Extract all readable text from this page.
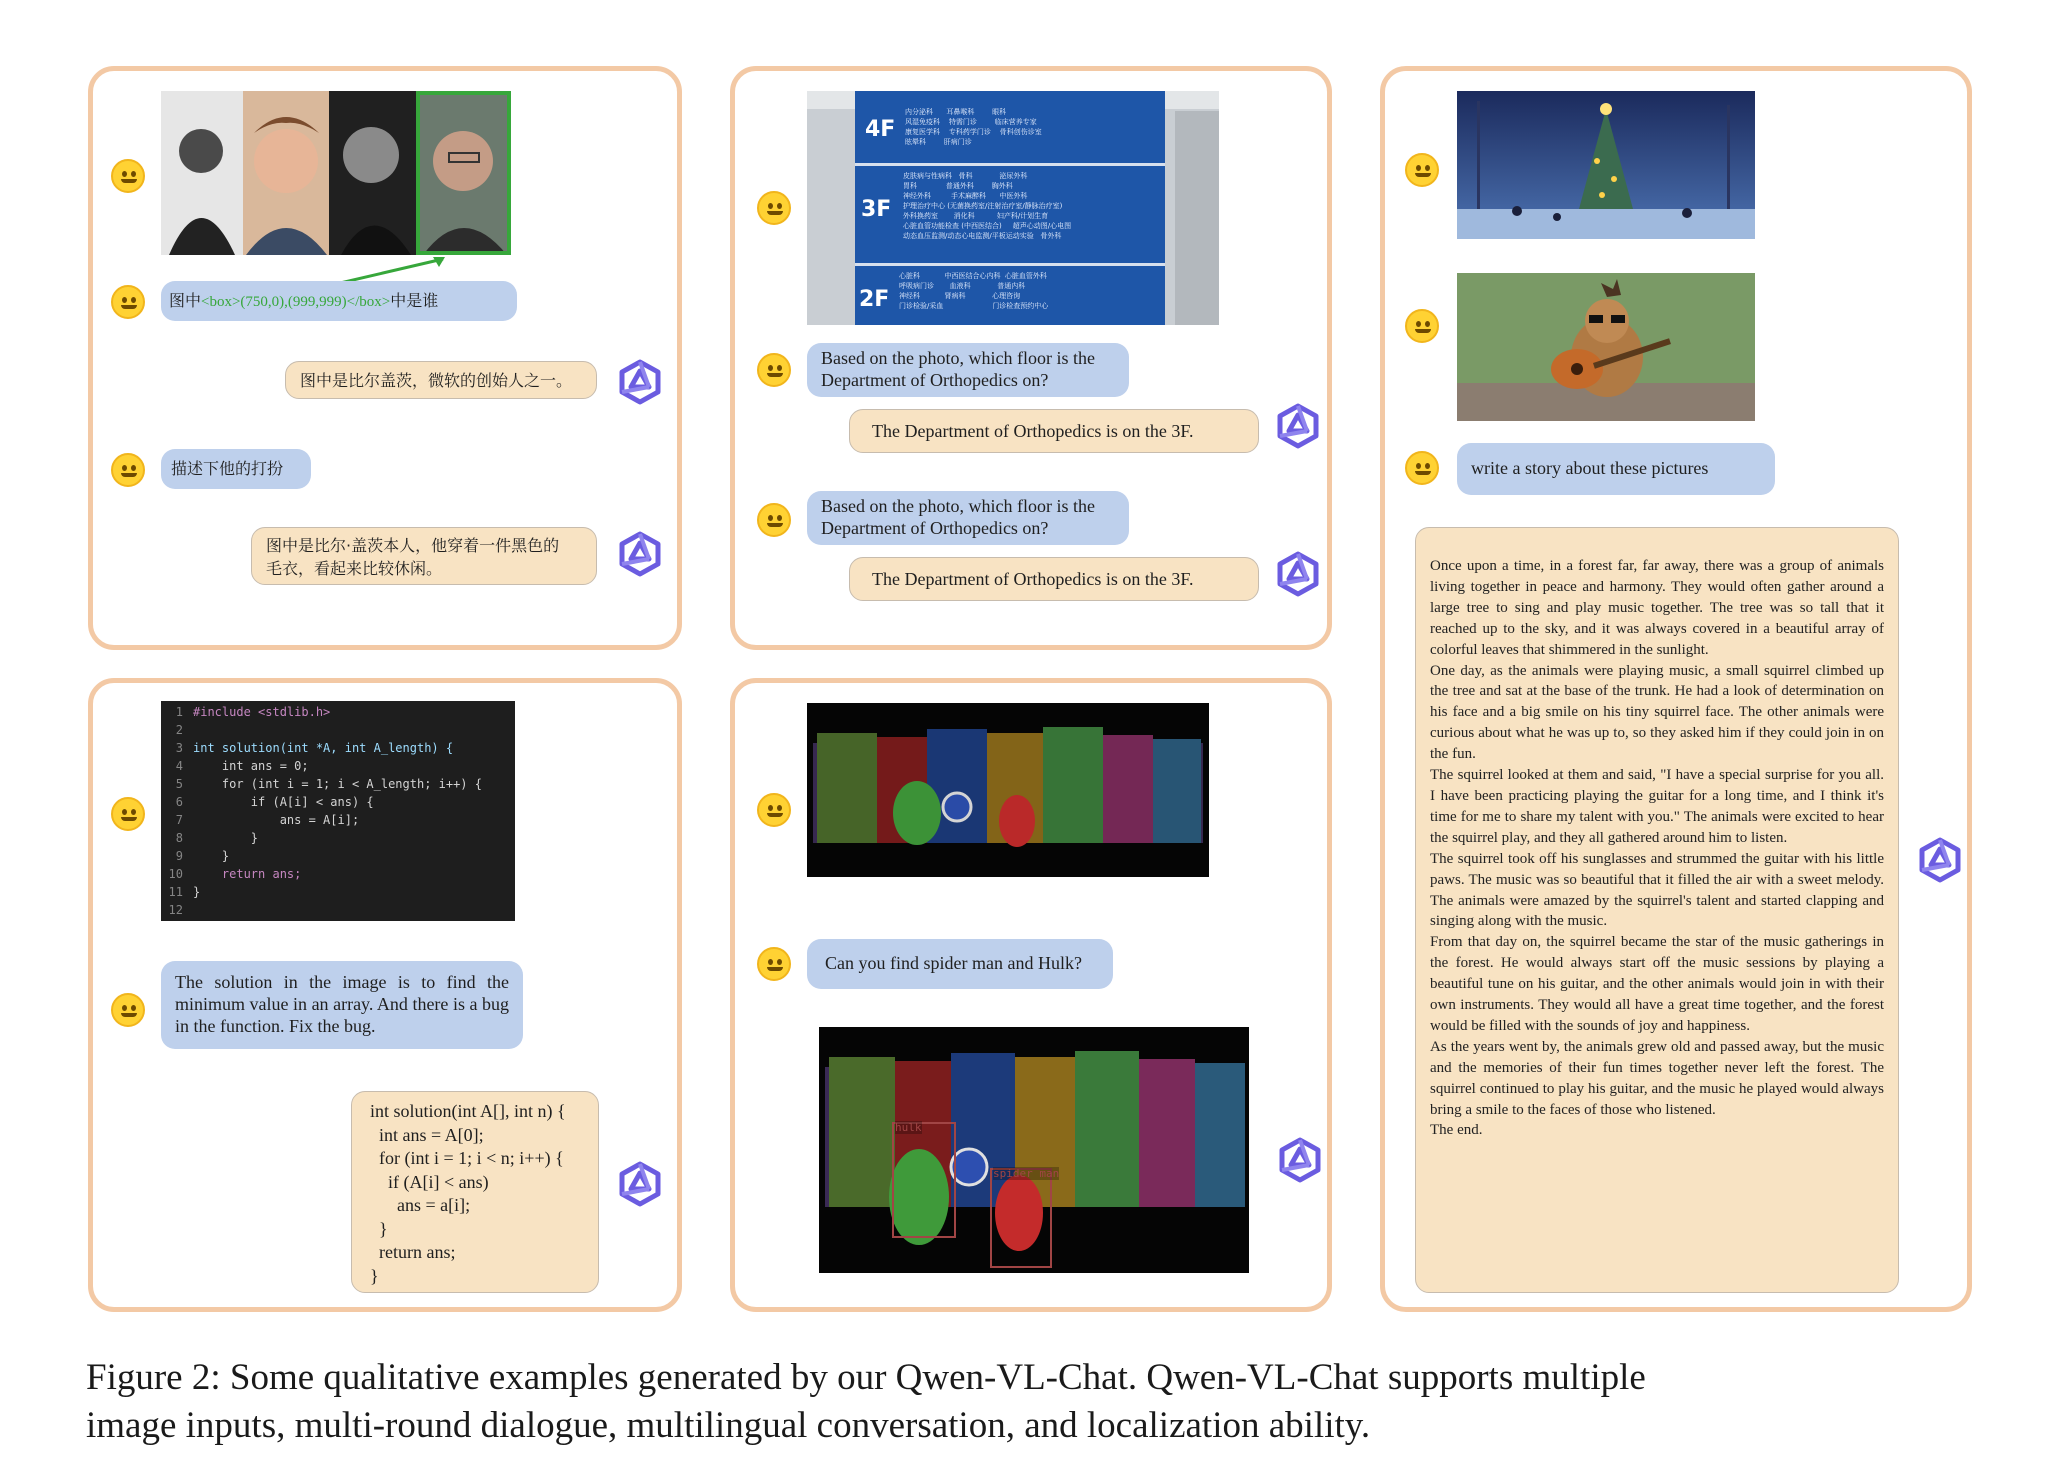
图中<box>(750,0),(999,999)</box>中是谁
图中是比尔盖茨，微软的创始人之一。
描述下他的打扮
图中是比尔·盖茨本人，他穿着一件黑色的
毛衣，看起来比较休闲。
4F
3F
2F
内分泌科      耳鼻喉科        眼科
风湿免疫科    特需门诊        临床营养专家
康复医学科    专科药学门诊    骨科创伤诊室
眩晕科        肝病门诊
皮肤病与性病科   骨科            泌尿外科
胃科             普通外科        胸外科
神经外科         手术麻醉科      中医外科
护理治疗中心 (无菌换药室/注射治疗室/静脉治疗室)
外科换药室       消化科          妇产科/计划生育
心脏血管功能检查 (中西医结合)     超声心动图/心电图
动态血压监测/动态心电监测/平板运动实验   骨外科
心脏科           中西医结合心内科  心脏血管外科
呼吸病门诊       血液科            普通内科
神经科           肾病科            心理咨询
门诊检验/采血                      门诊检查预约中心
Based on the photo, which floor is the
Department of Orthopedics on?
The Department of Orthopedics is on the 3F.
Based on the photo, which floor is the
Department of Orthopedics on?
The Department of Orthopedics is on the 3F.
write a story about these pictures

Once upon a time, in a forest far, far away, there was a group of animals living together in peace and harmony. They would often gather around a large tree to sing and play music together. The tree was so tall that it reached up to the sky, and it was always covered in a beautiful array of colorful leaves that shimmered in the sunlight.

One day, as the animals were playing music, a small squirrel climbed up the tree and sat at the base of the trunk. He had a look of determination on his face and a big smile on his tiny squirrel face. The other animals were curious about what he was up to, so they asked him if they could join in on the fun.

The squirrel looked at them and said, "I have a special surprise for you all. I have been practicing playing the guitar for a long time, and I think it's time for me to share my talent with you." The animals were excited to hear the squirrel play, and they all gathered around him to listen.

The squirrel took off his sunglasses and strummed the guitar with his little paws. The music was so beautiful that it filled the air with a sweet melody. The animals were amazed by the squirrel's talent and started clapping and singing along with the music.

From that day on, the squirrel became the star of the music gatherings in the forest. He would always start off the music sessions by playing a beautiful tune on his guitar, and the other animals would join in with their own instruments. They would all have a great time together, and the forest would be filled with the sounds of joy and happiness.

As the years went by, the animals grew old and passed away, but the music and the memories of their fun times together never left the forest. The squirrel continued to play his guitar, and the music he played would always bring a smile to the faces of those who listened.

The end.

1 #include <stdlib.h>
2
3 int solution(int *A, int A_length) {
4    int ans = 0;
5    for (int i = 1; i < A_length; i++) {
6        if (A[i] < ans) {
7            ans = A[i];
8        }
9    }
10    return ans;
11 }
12
The solution in the image is to find the minimum value in an array. And there is a bug in the function. Fix the bug.
int solution(int A[], int n) {
int ans = A[0];
for (int i = 1; i < n; i++) {
if (A[i] < ans)
ans = a[i];
}
return ans;
}
Can you find spider man and Hulk?
hulk
spider man
Figure 2: Some qualitative examples generated by our Qwen-VL-Chat. Qwen-VL-Chat supports multiple
image inputs, multi-round dialogue, multilingual conversation, and localization ability.
